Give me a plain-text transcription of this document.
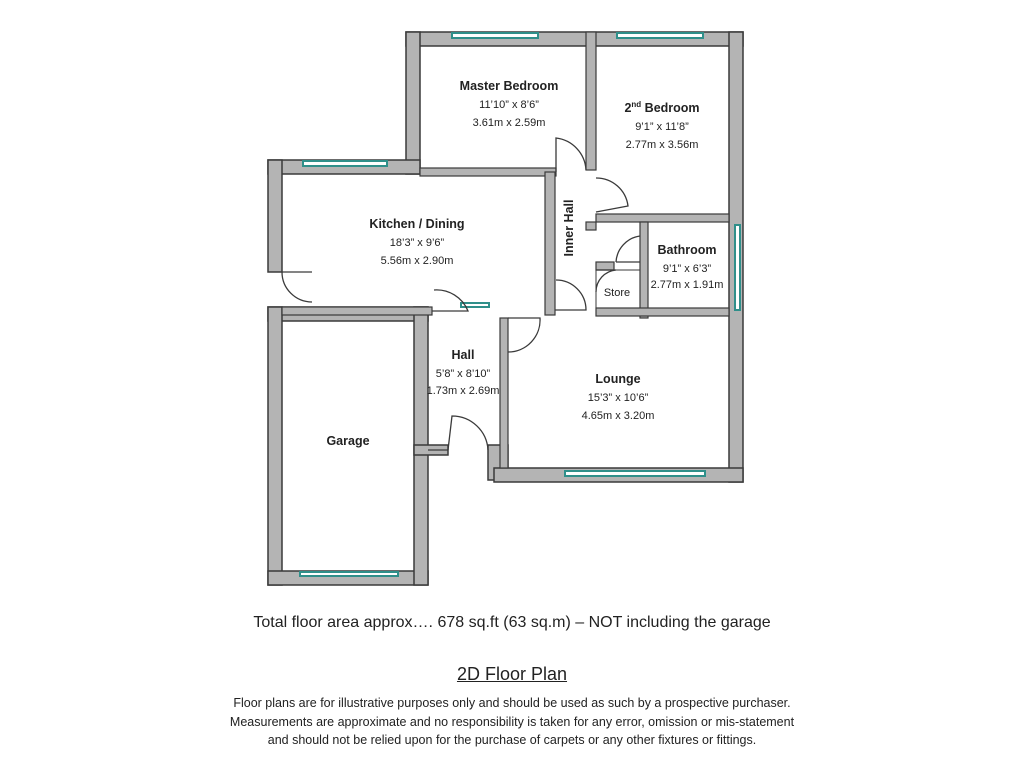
Master Bedroom
11’10” x 8’6”
3.61m x 2.59m
2nd Bedroom
9’1” x 11’8”
2.77m x 3.56m
Kitchen / Dining
18’3” x 9’6”
5.56m x 2.90m
Inner Hall	Bathroom
9’1” x 6’3”
2.77m x 1.91m
Store
Hall
5’8” x 8’10”
1.73m x 2.69m
Lounge
15’3” x 10’6”
4.65m x 3.20m
Garage
Total floor area approx…. 678 sq.ft (63 sq.m) – NOT including the garage
2D Floor Plan
Floor plans are for illustrative purposes only and should be used as such by a prospective purchaser.
Measurements are approximate and no responsibility is taken for any error, omission or mis-statement
and should not be relied upon for the purchase of carpets or any other fixtures or fittings.
